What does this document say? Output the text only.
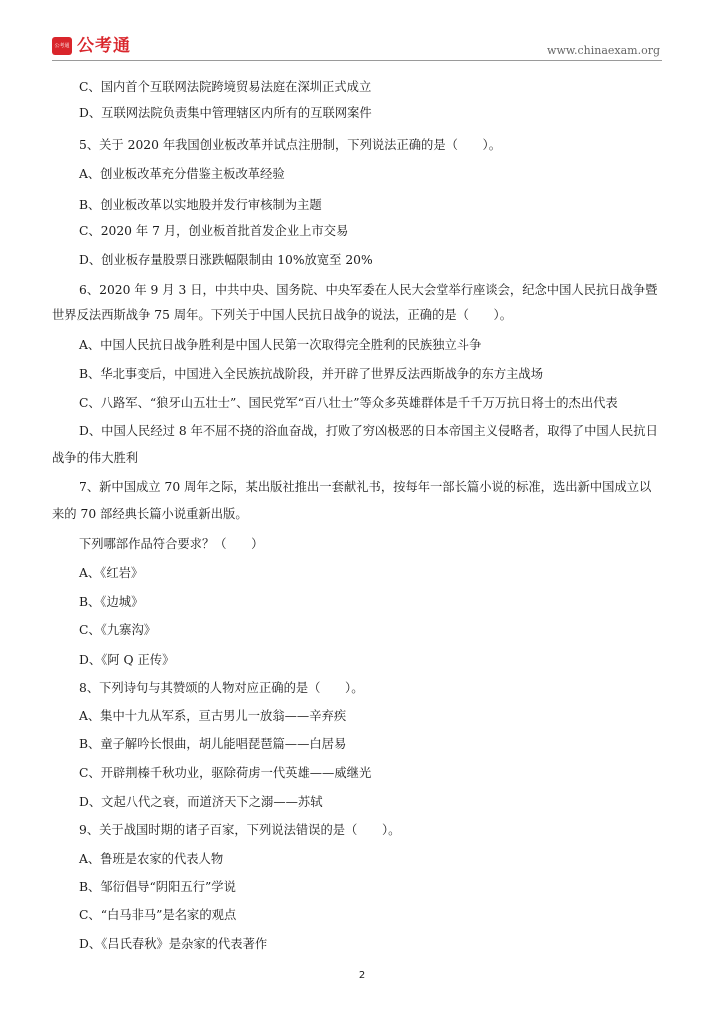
公考通 公考通	www.chinaexam.org
C、国内首个互联网法院跨境贸易法庭在深圳正式成立
D、互联网法院负责集中管理辖区内所有的互联网案件
5、关于 2020 年我国创业板改革并试点注册制，下列说法正确的是（　　）。
A、创业板改革充分借鉴主板改革经验
B、创业板改革以实地股并发行审核制为主题
C、2020 年 7 月，创业板首批首发企业上市交易
D、创业板存量股票日涨跌幅限制由 10%放宽至 20%
6、2020 年 9 月 3 日，中共中央、国务院、中央军委在人民大会堂举行座谈会，纪念中国人民抗日战争暨
世界反法西斯战争 75 周年。下列关于中国人民抗日战争的说法，正确的是（　　）。
A、中国人民抗日战争胜利是中国人民第一次取得完全胜利的民族独立斗争
B、华北事变后，中国进入全民族抗战阶段，并开辟了世界反法西斯战争的东方主战场
C、八路军、“狼牙山五壮士”、国民党军“百八壮士”等众多英雄群体是千千万万抗日将士的杰出代表
D、中国人民经过 8 年不屈不挠的浴血奋战，打败了穷凶极恶的日本帝国主义侵略者，取得了中国人民抗日
战争的伟大胜利
7、新中国成立 70 周年之际，某出版社推出一套献礼书，按每年一部长篇小说的标准，选出新中国成立以
来的 70 部经典长篇小说重新出版。
下列哪部作品符合要求？（　　）
A、《红岩》
B、《边城》
C、《九寨沟》
D、《阿 Q 正传》
8、下列诗句与其赞颂的人物对应正确的是（　　）。
A、集中十九从军系，亘古男儿一放翁——辛弃疾
B、童子解吟长恨曲，胡儿能唱琵琶篇——白居易
C、开辟荆榛千秋功业，驱除荷虏一代英雄——威继光
D、文起八代之衰，而道济天下之溺——苏轼
9、关于战国时期的诸子百家，下列说法错误的是（　　）。
A、鲁班是农家的代表人物
B、邹衍倡导“阴阳五行”学说
C、“白马非马”是名家的观点
D、《吕氏春秋》是杂家的代表著作
2
